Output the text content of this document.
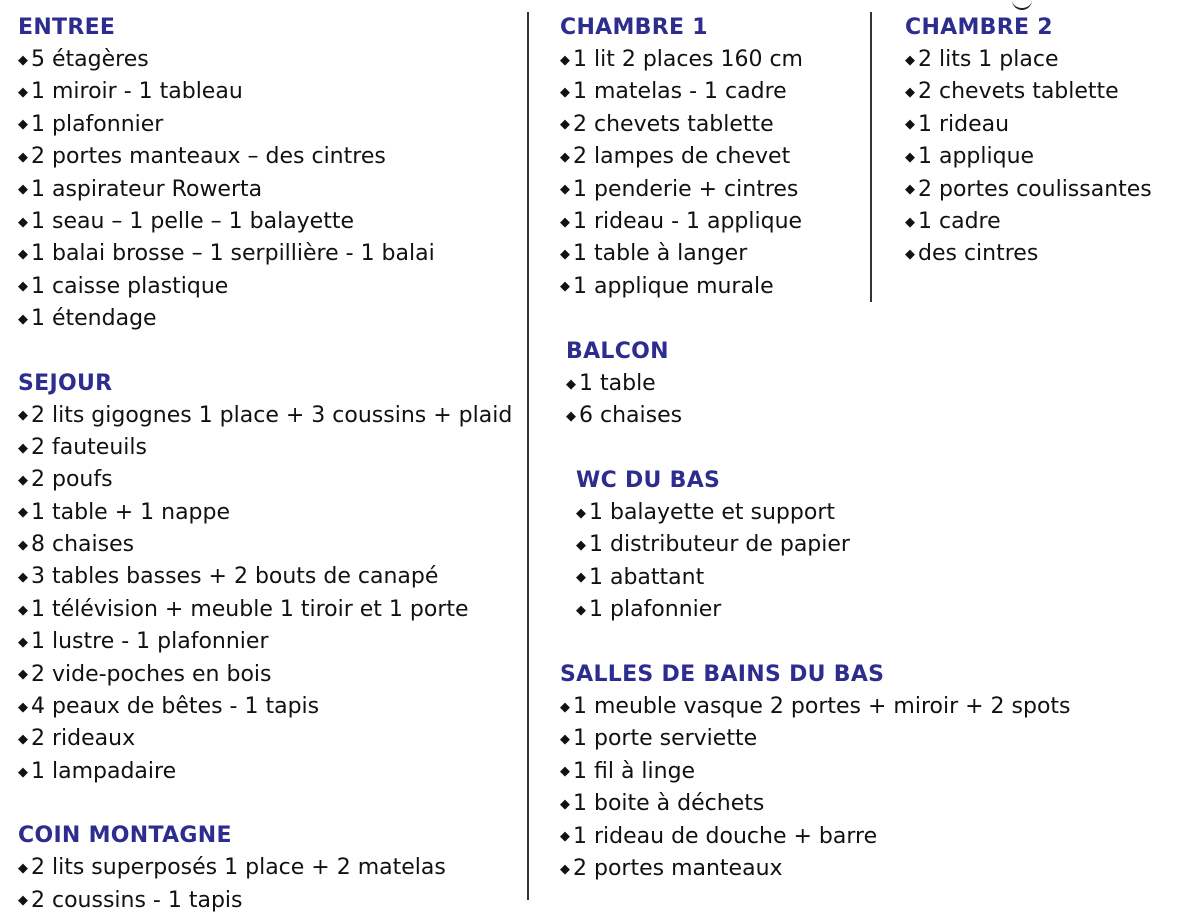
ENTREE
◆ 5 étagères
◆ 1 miroir - 1 tableau
◆ 1 plafonnier
◆ 2 portes manteaux – des cintres
◆ 1 aspirateur Rowerta
◆ 1 seau – 1 pelle – 1 balayette
◆ 1 balai brosse – 1 serpillière - 1 balai
◆ 1 caisse plastique
◆ 1 étendage
SEJOUR
◆ 2 lits gigognes 1 place + 3 coussins + plaid
◆ 2 fauteuils
◆ 2 poufs
◆ 1 table + 1 nappe
◆ 8 chaises
◆ 3 tables basses + 2 bouts de canapé
◆ 1 télévision + meuble 1 tiroir et 1 porte
◆ 1 lustre - 1 plafonnier
◆ 2 vide-poches en bois
◆ 4 peaux de bêtes - 1 tapis
◆ 2 rideaux
◆ 1 lampadaire
COIN MONTAGNE
◆ 2 lits superposés 1 place + 2 matelas
◆ 2 coussins - 1 tapis
CHAMBRE 1
◆ 1 lit 2 places 160 cm
◆ 1 matelas - 1 cadre
◆ 2 chevets tablette
◆ 2 lampes de chevet
◆ 1 penderie + cintres
◆ 1 rideau - 1 applique
◆ 1 table à langer
◆ 1 applique murale
BALCON
◆ 1 table
◆ 6 chaises
WC DU BAS
◆ 1 balayette et support
◆ 1 distributeur de papier
◆ 1 abattant
◆ 1 plafonnier
SALLES DE BAINS DU BAS
◆ 1 meuble vasque 2 portes + miroir + 2 spots
◆ 1 porte serviette
◆ 1 fil à linge
◆ 1 boite à déchets
◆ 1 rideau de douche + barre
◆ 2 portes manteaux
CHAMBRE 2
◆ 2 lits 1 place
◆ 2 chevets tablette
◆ 1 rideau
◆ 1 applique
◆ 2 portes coulissantes
◆ 1 cadre
◆ des cintres
